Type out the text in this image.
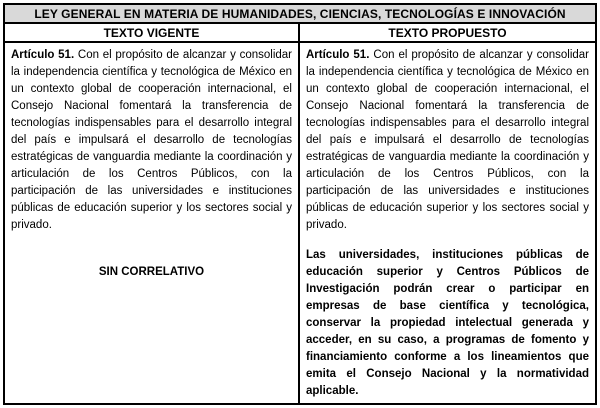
LEY GENERAL EN MATERIA DE HUMANIDADES, CIENCIAS, TECNOLOGÍAS E INNOVACIÓN
TEXTO VIGENTE	TEXTO PROPUESTO

Artículo 51. Con el propósito de alcanzar y consolidar la independencia científica y tecnológica de México en un contexto global de cooperación internacional, el Consejo Nacional fomentará la transferencia de tecnologías indispensables para el desarrollo integral del país e impulsará el desarrollo de tecnologías estratégicas de vanguardia mediante la coordinación y articulación de los Centros Públicos, con la participación de las universidades e instituciones públicas de educación superior y los sectores social y privado.

SIN CORRELATIVO

Artículo 51. Con el propósito de alcanzar y consolidar la independencia científica y tecnológica de México en un contexto global de cooperación internacional, el Consejo Nacional fomentará la transferencia de tecnologías indispensables para el desarrollo integral del país e impulsará el desarrollo de tecnologías estratégicas de vanguardia mediante la coordinación y articulación de los Centros Públicos, con la participación de las universidades e instituciones públicas de educación superior y los sectores social y privado.

Las universidades, instituciones públicas de educación superior y Centros Públicos de Investigación podrán crear o participar en empresas de base científica y tecnológica, conservar la propiedad intelectual generada y acceder, en su caso, a programas de fomento y financiamiento conforme a los lineamientos que emita el Consejo Nacional y la normatividad aplicable.
